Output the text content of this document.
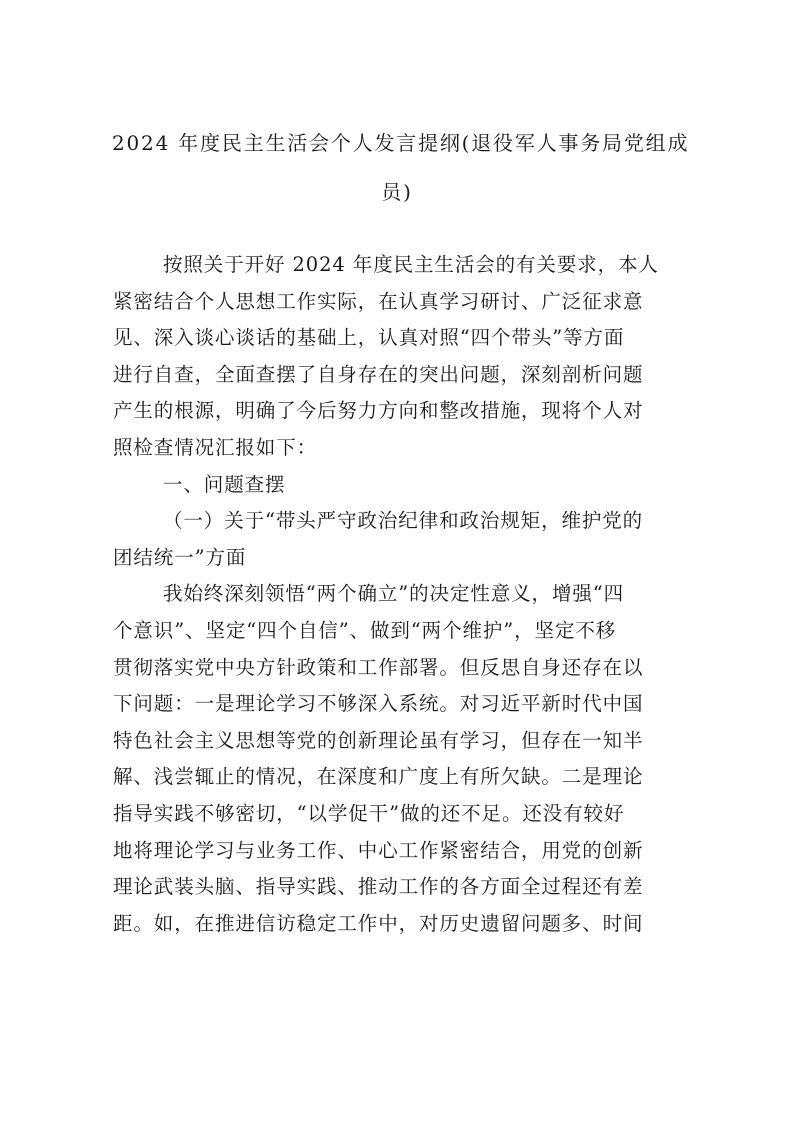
2024 年度民主生活会个人发言提纲(退役军人事务局党组成
员)
按照关于开好 2024 年度民主生活会的有关要求，本人
紧密结合个人思想工作实际，在认真学习研讨、广泛征求意
见、深入谈心谈话的基础上，认真对照“四个带头”等方面
进行自查，全面查摆了自身存在的突出问题，深刻剖析问题
产生的根源，明确了今后努力方向和整改措施，现将个人对
照检查情况汇报如下：
一、问题查摆
（一）关于“带头严守政治纪律和政治规矩，维护党的
团结统一”方面
我始终深刻领悟“两个确立”的决定性意义，增强“四
个意识”、坚定“四个自信”、做到“两个维护”，坚定不移
贯彻落实党中央方针政策和工作部署。但反思自身还存在以
下问题：一是理论学习不够深入系统。对习近平新时代中国
特色社会主义思想等党的创新理论虽有学习，但存在一知半
解、浅尝辄止的情况，在深度和广度上有所欠缺。二是理论
指导实践不够密切，“以学促干”做的还不足。还没有较好
地将理论学习与业务工作、中心工作紧密结合，用党的创新
理论武装头脑、指导实践、推动工作的各方面全过程还有差
距。如，在推进信访稳定工作中，对历史遗留问题多、时间
